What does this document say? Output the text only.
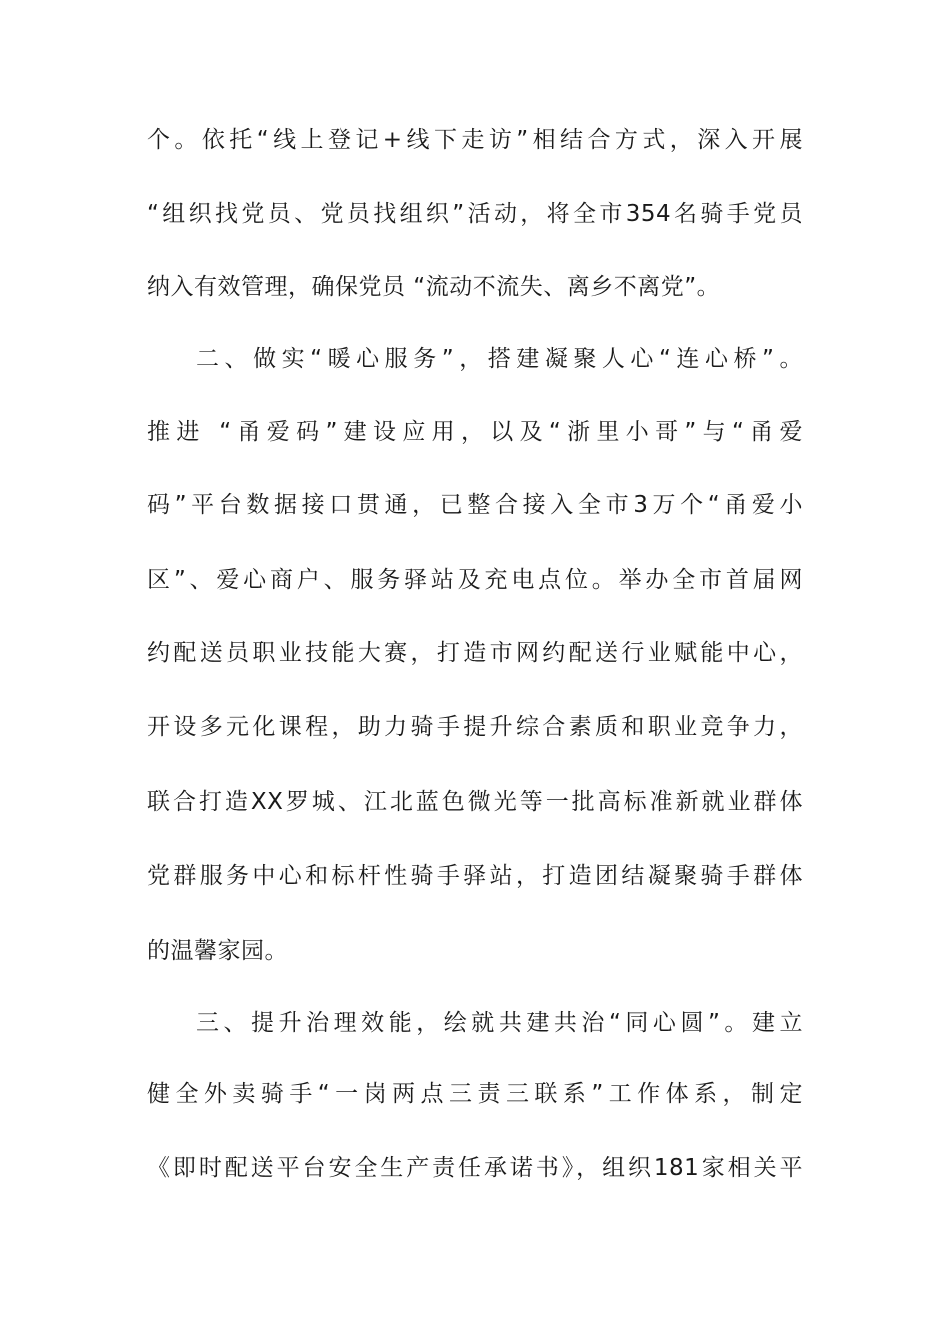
个。依托“线上登记+线下走访”相结合方式，深入开展
“组织找党员、党员找组织”活动，将全市354名骑手党员
纳入有效管理，确保党员 “流动不流失、离乡不离党”。
二、做实“暖心服务”，搭建凝聚人心“连心桥”。
推进 “甬爱码”建设应用，以及“浙里小哥”与“甬爱
码”平台数据接口贯通，已整合接入全市3万个“甬爱小
区”、爱心商户、服务驿站及充电点位。举办全市首届网
约配送员职业技能大赛，打造市网约配送行业赋能中心，
开设多元化课程，助力骑手提升综合素质和职业竞争力，
联合打造XX罗城、江北蓝色微光等一批高标准新就业群体
党群服务中心和标杆性骑手驿站，打造团结凝聚骑手群体
的温馨家园。
三、提升治理效能，绘就共建共治“同心圆”。建立
健全外卖骑手“一岗两点三责三联系”工作体系，制定
《即时配送平台安全生产责任承诺书》，组织181家相关平
